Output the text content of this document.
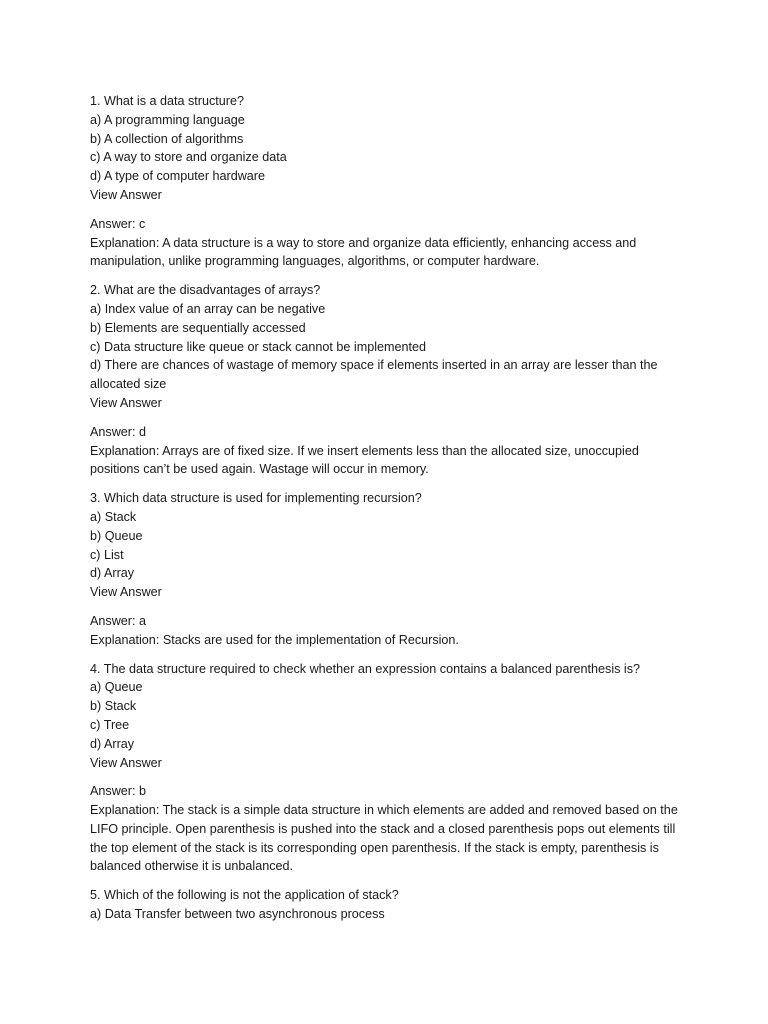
1. What is a data structure?
a) A programming language
b) A collection of algorithms
c) A way to store and organize data
d) A type of computer hardware
View Answer
Answer: c
Explanation: A data structure is a way to store and organize data efficiently, enhancing access and manipulation, unlike programming languages, algorithms, or computer hardware.
2. What are the disadvantages of arrays?
a) Index value of an array can be negative
b) Elements are sequentially accessed
c) Data structure like queue or stack cannot be implemented
d) There are chances of wastage of memory space if elements inserted in an array are lesser than the allocated size
View Answer
Answer: d
Explanation: Arrays are of fixed size. If we insert elements less than the allocated size, unoccupied positions can’t be used again. Wastage will occur in memory.
3. Which data structure is used for implementing recursion?
a) Stack
b) Queue
c) List
d) Array
View Answer
Answer: a
Explanation: Stacks are used for the implementation of Recursion.
4. The data structure required to check whether an expression contains a balanced parenthesis is?
a) Queue
b) Stack
c) Tree
d) Array
View Answer
Answer: b
Explanation: The stack is a simple data structure in which elements are added and removed based on the LIFO principle. Open parenthesis is pushed into the stack and a closed parenthesis pops out elements till the top element of the stack is its corresponding open parenthesis. If the stack is empty, parenthesis is balanced otherwise it is unbalanced.
5. Which of the following is not the application of stack?
a) Data Transfer between two asynchronous process
